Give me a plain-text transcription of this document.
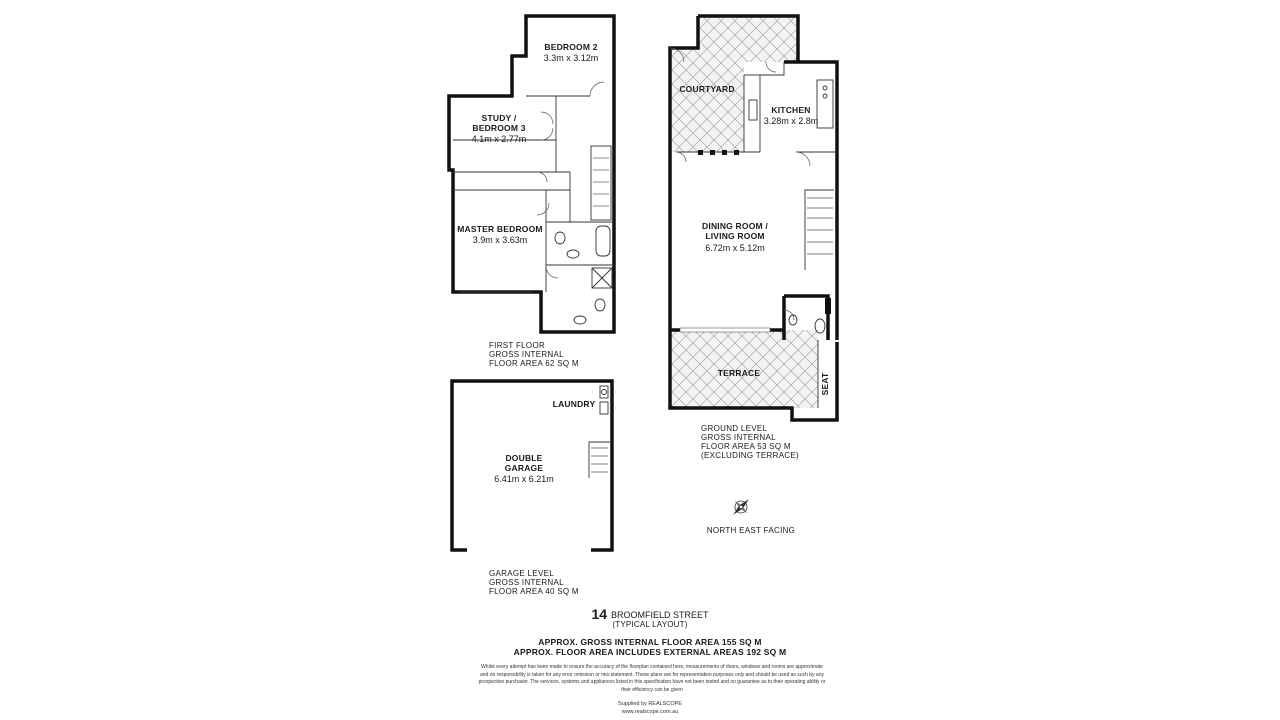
BEDROOM 2
3.3m x 3.12m
STUDY /
BEDROOM 3
4.1m x 2.77m
MASTER BEDROOM
3.9m x 3.63m
FIRST FLOOR
GROSS INTERNAL
FLOOR AREA 62 SQ M
LAUNDRY
DOUBLE
GARAGE
6.41m x 6.21m
GARAGE LEVEL
GROSS INTERNAL
FLOOR AREA 40 SQ M
COURTYARD
KITCHEN
3.28m x 2.8m
DINING ROOM /
LIVING ROOM
6.72m x 5.12m
TERRACE	SEAT
GROUND LEVEL
GROSS INTERNAL
FLOOR AREA 53 SQ M
(EXCLUDING TERRACE)
NORTH EAST FACING
14 BROOMFIELD STREET
(TYPICAL LAYOUT)
APPROX. GROSS INTERNAL FLOOR AREA 155 SQ M
APPROX. FLOOR AREA INCLUDES EXTERNAL AREAS 192 SQ M
Whilst every attempt has been made to ensure the accuracy of the floorplan contained here, measurements of doors, windows and rooms are approximate and no responsibility is taken for any error omission or mis-statement. These plans are for representation purposes only and should be used as such by any prospective purchaser. The services, systems and appliances listed in this specification have not been tested and no guarantee as to their operating ability or their efficiency can be given
Supplied by REALSCOPE
www.realscope.com.au
